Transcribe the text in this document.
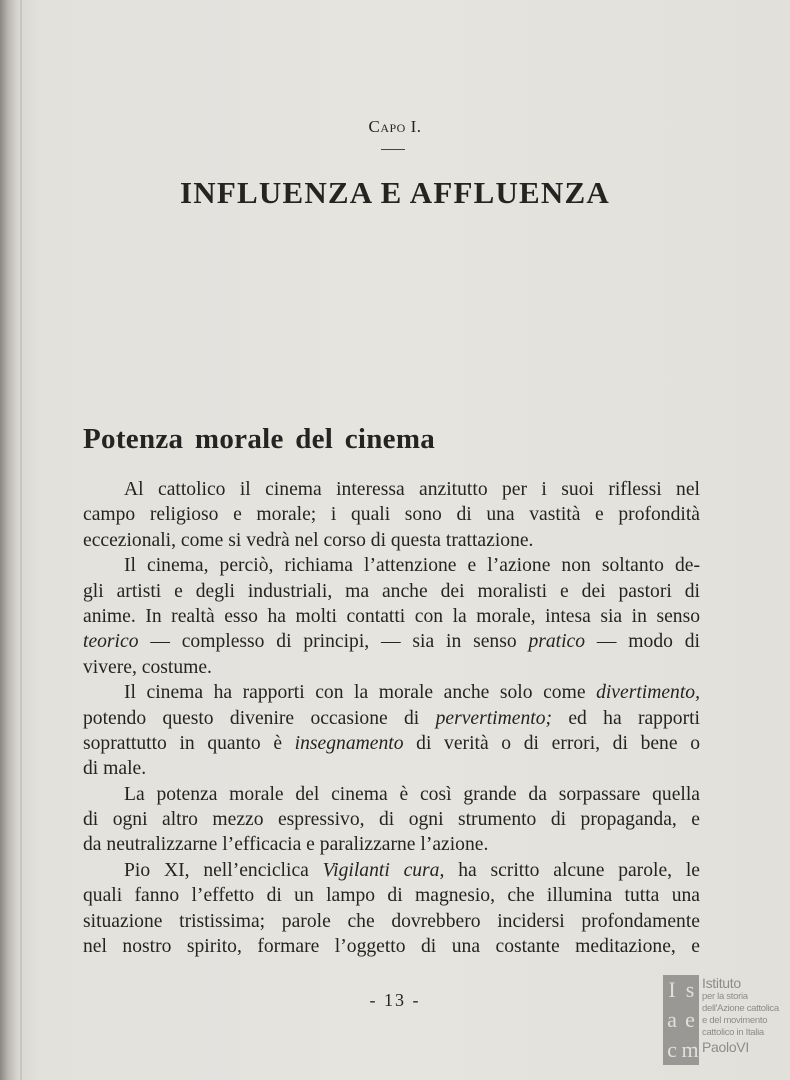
Capo I.
INFLUENZA E AFFLUENZA
Potenza morale del cinema
Al cattolico il cinema interessa anzitutto per i suoi riflessi nel
campo religioso e morale; i quali sono di una vastità e profondità
eccezionali, come si vedrà nel corso di questa trattazione.
Il cinema, perciò, richiama l’attenzione e l’azione non soltanto de-
gli artisti e degli industriali, ma anche dei moralisti e dei pastori di
anime. In realtà esso ha molti contatti con la morale, intesa sia in senso
teorico — complesso di principi, — sia in senso pratico — modo di
vivere, costume.
Il cinema ha rapporti con la morale anche solo come divertimento,
potendo questo divenire occasione di pervertimento; ed ha rapporti
soprattutto in quanto è insegnamento di verità o di errori, di bene o
di male.
La potenza morale del cinema è così grande da sorpassare quella
di ogni altro mezzo espressivo, di ogni strumento di propaganda, e
da neutralizzarne l’efficacia e paralizzarne l’azione.
Pio XI, nell’enciclica Vigilanti cura, ha scritto alcune parole, le
quali fanno l’effetto di un lampo di magnesio, che illumina tutta una
situazione tristissima; parole che dovrebbero incidersi profondamente
nel nostro spirito, formare l’oggetto di una costante meditazione, e
- 13 -	I s
a e
c m
Istituto
per la storia
dell'Azione cattolica
e del movimento
cattolico in Italia
PaoloVI
